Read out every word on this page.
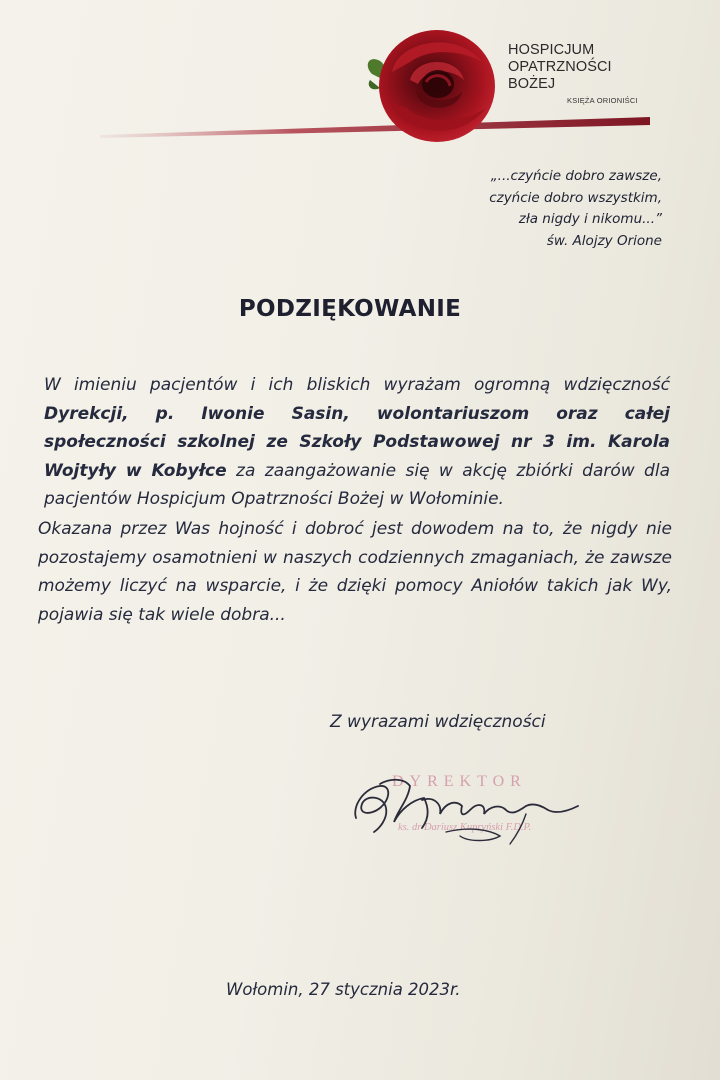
HOSPICJUM
OPATRZNOŚCI
BOŻEJ
KSIĘŻA ORIONIŚCI
„...czyńcie dobro zawsze,
czyńcie dobro wszystkim,
zła nigdy i nikomu...”
św. Alojzy Orione
PODZIĘKOWANIE

W imieniu pacjentów i ich bliskich wyrażam ogromną wdzięczność Dyrekcji, p. Iwonie Sasin, wolontariuszom oraz całej społeczności szkolnej ze Szkoły Podstawowej nr 3 im. Karola Wojtyły w Kobyłce za zaangażowanie się w akcję zbiórki darów dla pacjentów Hospicjum Opatrzności Bożej w Wołominie.

Okazana przez Was hojność i dobroć jest dowodem na to, że nigdy nie pozostajemy osamotnieni w naszych codziennych zmaganiach, że zawsze możemy liczyć na wsparcie, i że dzięki pomocy Aniołów takich jak Wy, pojawia się tak wiele dobra...

Z wyrazami wdzięczności
DYREKTOR
ks. dr Dariusz Kupryński F.D.P.
Wołomin, 27 stycznia 2023r.
